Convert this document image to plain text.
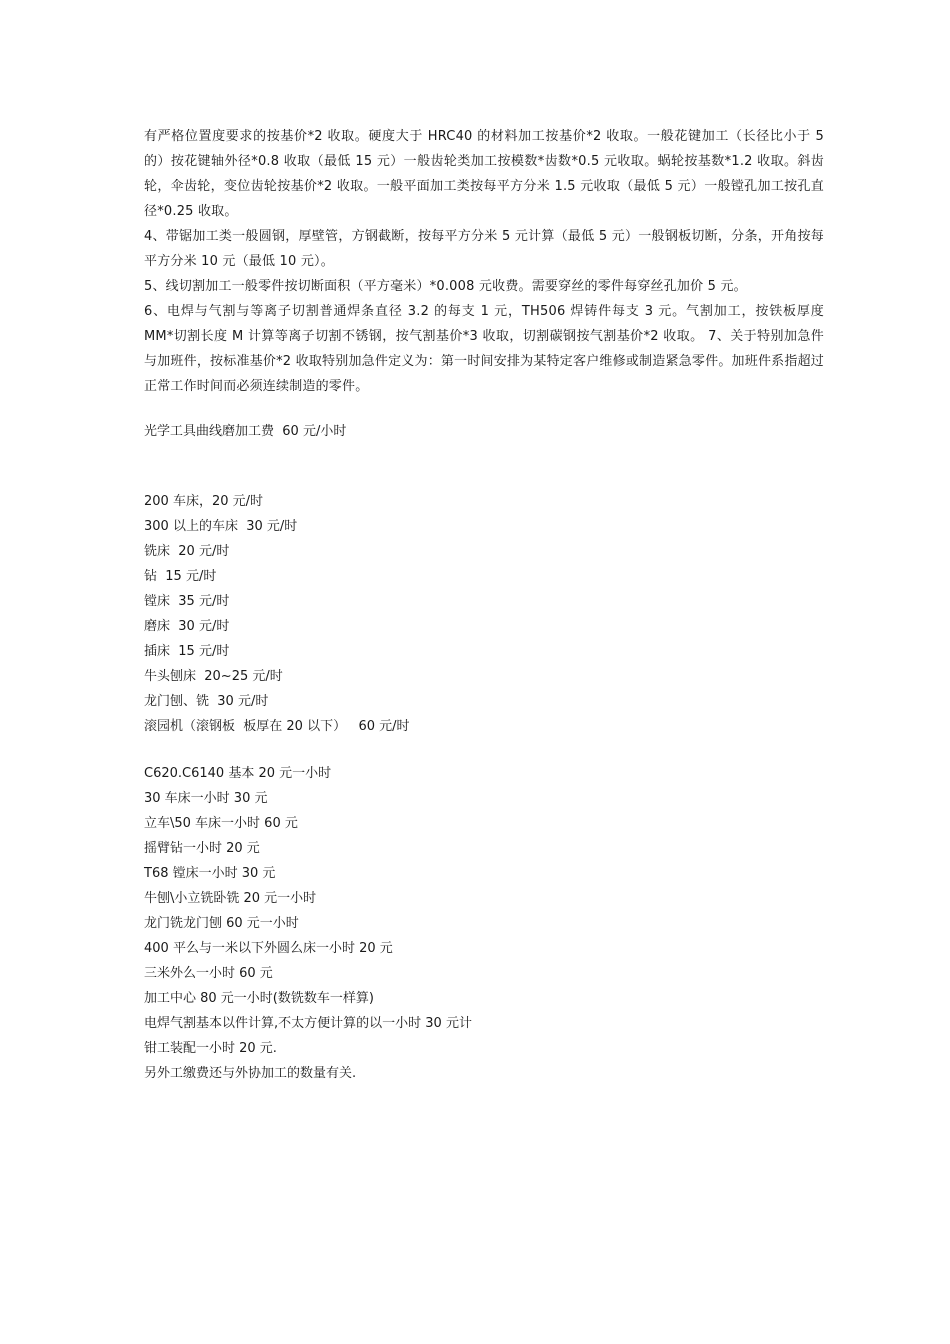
有严格位置度要求的按基价*2 收取。硬度大于 HRC40 的材料加工按基价*2 收取。一般花键加工（长径比小于 5 的）按花键轴外径*0.8 收取（最低 15 元）一般齿轮类加工按模数*齿数*0.5 元收取。蜗轮按基数*1.2 收取。斜齿轮，伞齿轮，变位齿轮按基价*2 收取。一般平面加工类按每平方分米 1.5 元收取（最低 5 元）一般镗孔加工按孔直径*0.25 收取。

4、带锯加工类一般圆钢，厚壁管，方钢截断，按每平方分米 5 元计算（最低 5 元）一般钢板切断，分条，开角按每平方分米 10 元（最低 10 元）。

5、线切割加工一般零件按切断面积（平方毫米）*0.008 元收费。需要穿丝的零件每穿丝孔加价 5 元。

6、电焊与气割与等离子切割普通焊条直径 3.2 的每支 1 元，TH506 焊铸件每支 3 元。气割加工，按铁板厚度 MM*切割长度 M 计算等离子切割不锈钢，按气割基价*3 收取，切割碳钢按气割基价*2 收取。 7、关于特别加急件与加班件，按标准基价*2 收取特别加急件定义为：第一时间安排为某特定客户维修或制造紧急零件。加班件系指超过正常工作时间而必须连续制造的零件。

光学工具曲线磨加工费  60 元/小时

200 车床，20 元/时

300 以上的车床  30 元/时

铣床  20 元/时

钻  15 元/时

镗床  35 元/时

磨床  30 元/时

插床  15 元/时

牛头刨床  20~25 元/时

龙门刨、铣  30 元/时

滚园机（滚钢板  板厚在 20 以下）   60 元/时

C620.C6140 基本 20 元一小时

30 车床一小时 30 元

立车\50 车床一小时 60 元

摇臂钻一小时 20 元

T68 镗床一小时 30 元

牛刨\小立铣卧铣 20 元一小时

龙门铣龙门刨 60 元一小时

400 平么与一米以下外圆么床一小时 20 元

三米外么一小时 60 元

加工中心 80 元一小时(数铣数车一样算)

电焊气割基本以件计算,不太方便计算的以一小时 30 元计

钳工装配一小时 20 元.

另外工缴费还与外协加工的数量有关.
